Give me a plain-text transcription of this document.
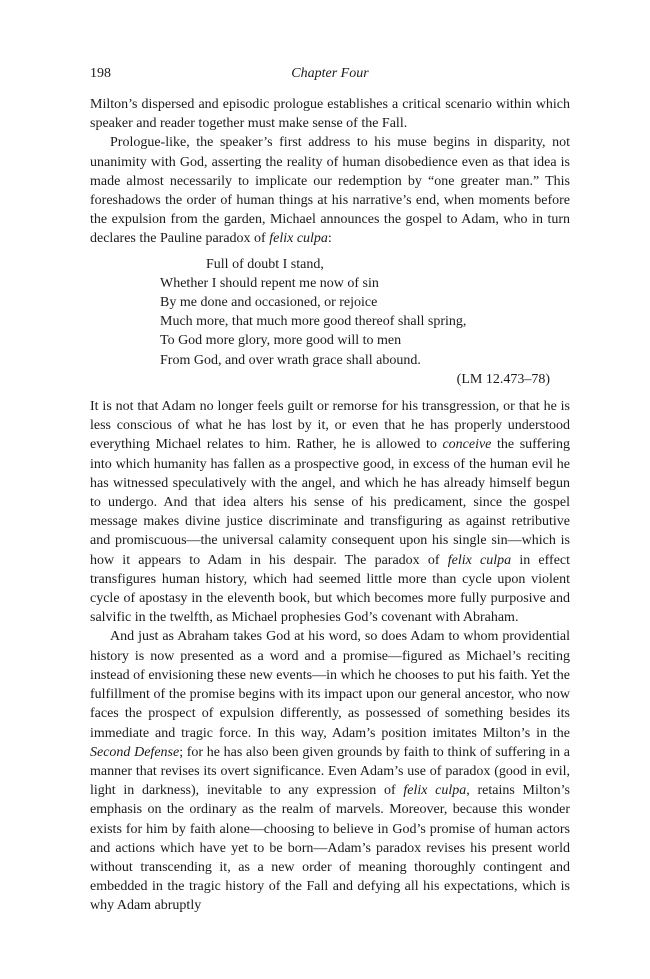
198	Chapter Four

Milton’s dispersed and episodic prologue establishes a critical scenario within which speaker and reader together must make sense of the Fall.

Prologue-like, the speaker’s first address to his muse begins in disparity, not unanimity with God, asserting the reality of human disobedience even as that idea is made almost necessarily to implicate our redemption by “one greater man.” This foreshadows the order of human things at his narrative’s end, when moments before the expulsion from the garden, Michael announces the gospel to Adam, who in turn declares the Pauline paradox of felix culpa:

Full of doubt I stand,
Whether I should repent me now of sin
By me done and occasioned, or rejoice
Much more, that much more good thereof shall spring,
To God more glory, more good will to men
From God, and over wrath grace shall abound.
(LM 12.473–78)

It is not that Adam no longer feels guilt or remorse for his transgression, or that he is less conscious of what he has lost by it, or even that he has properly understood everything Michael relates to him. Rather, he is allowed to conceive the suffering into which humanity has fallen as a prospective good, in excess of the human evil he has witnessed speculatively with the angel, and which he has already himself begun to undergo. And that idea alters his sense of his predicament, since the gospel message makes divine justice discriminate and transfiguring as against retributive and promiscuous—the universal calamity consequent upon his single sin—which is how it appears to Adam in his despair. The paradox of felix culpa in effect transfigures human history, which had seemed little more than cycle upon violent cycle of apostasy in the eleventh book, but which becomes more fully purposive and salvific in the twelfth, as Michael prophesies God’s covenant with Abraham.

And just as Abraham takes God at his word, so does Adam to whom providential history is now presented as a word and a promise—figured as Michael’s reciting instead of envisioning these new events—in which he chooses to put his faith. Yet the fulfillment of the promise begins with its impact upon our general ancestor, who now faces the prospect of expulsion differently, as possessed of something besides its immediate and tragic force. In this way, Adam’s position imitates Milton’s in the Second Defense; for he has also been given grounds by faith to think of suffering in a manner that revises its overt significance. Even Adam’s use of paradox (good in evil, light in darkness), inevitable to any expression of felix culpa, retains Milton’s emphasis on the ordinary as the realm of marvels. Moreover, because this wonder exists for him by faith alone—choosing to believe in God’s promise of human actors and actions which have yet to be born—Adam’s paradox revises his present world without transcending it, as a new order of meaning thoroughly contingent and embedded in the tragic history of the Fall and defying all his expectations, which is why Adam abruptly
